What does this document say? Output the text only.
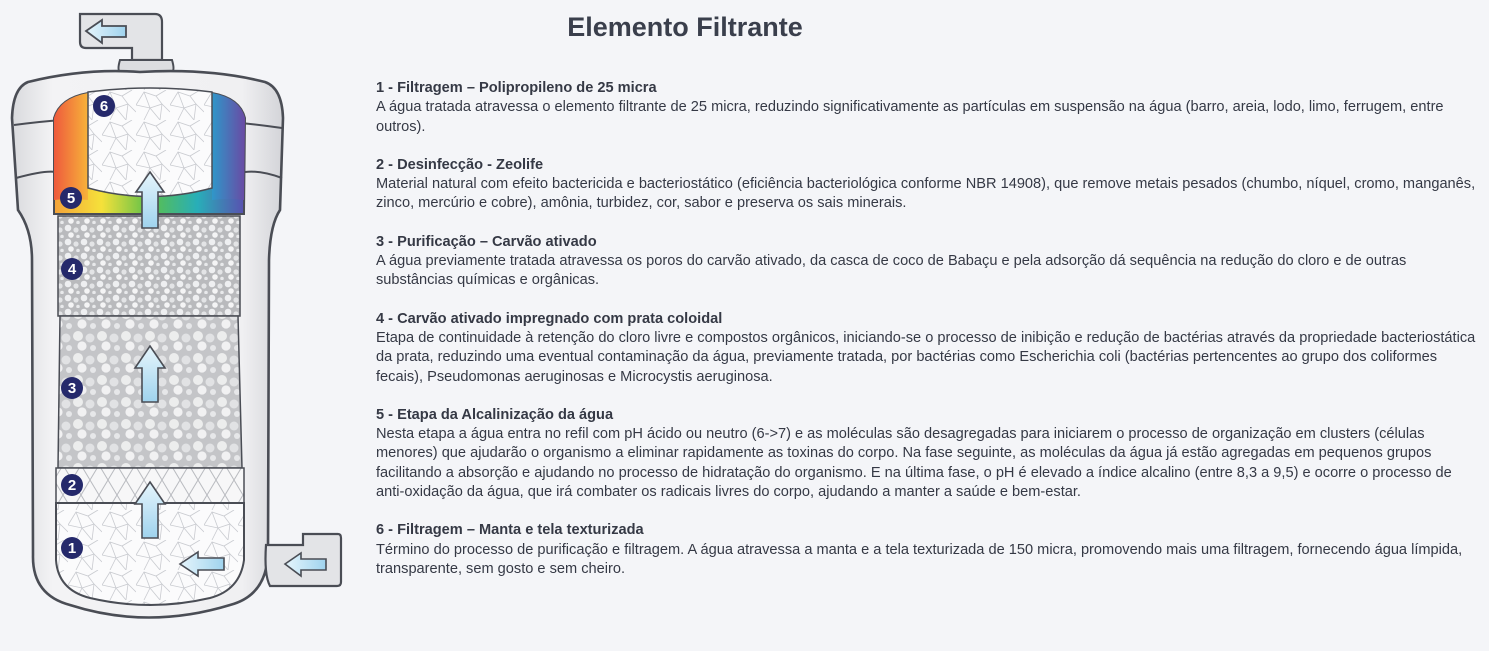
6
5
4
3
2
1
Elemento Filtrante
1 - Filtragem – Polipropileno de 25 micra
A água tratada atravessa o elemento filtrante de 25 micra, reduzindo significativamente as partículas em suspensão na água (barro, areia, lodo, limo, ferrugem, entre outros).
2 - Desinfecção - Zeolife
Material natural com efeito bactericida e bacteriostático (eficiência bacteriológica conforme NBR 14908), que remove metais pesados (chumbo, níquel, cromo, manganês, zinco, mercúrio e cobre), amônia, turbidez, cor, sabor e preserva os sais minerais.
3 - Purificação – Carvão ativado
A água previamente tratada atravessa os poros do carvão ativado, da casca de coco de Babaçu e pela adsorção dá sequência na redução do cloro e de outras substâncias químicas e orgânicas.
4 - Carvão ativado impregnado com prata coloidal
Etapa de continuidade à retenção do cloro livre e compostos orgânicos, iniciando-se o processo de inibição e redução de bactérias através da propriedade bacteriostática da prata, reduzindo uma eventual contaminação da água, previamente tratada, por bactérias como Escherichia coli (bactérias pertencentes ao grupo dos coliformes fecais), Pseudomonas aeruginosas e Microcystis aeruginosa.
5 - Etapa da Alcalinização da água
Nesta etapa a água entra no refil com pH ácido ou neutro (6->7) e as moléculas são desagregadas para iniciarem o processo de organização em clusters (células menores) que ajudarão o organismo a eliminar rapidamente as toxinas do corpo. Na fase seguinte, as moléculas da água já estão agregadas em pequenos grupos facilitando a absorção e ajudando no processo de hidratação do organismo. E na última fase, o pH é elevado a índice alcalino (entre 8,3 a 9,5) e ocorre o processo de anti-oxidação da água, que irá combater os radicais livres do corpo, ajudando a manter a saúde e bem-estar.
6 - Filtragem – Manta e tela texturizada
Término do processo de purificação e filtragem. A água atravessa a manta e a tela texturizada de 150 micra, promovendo mais uma filtragem, fornecendo água límpida, transparente, sem gosto e sem cheiro.
